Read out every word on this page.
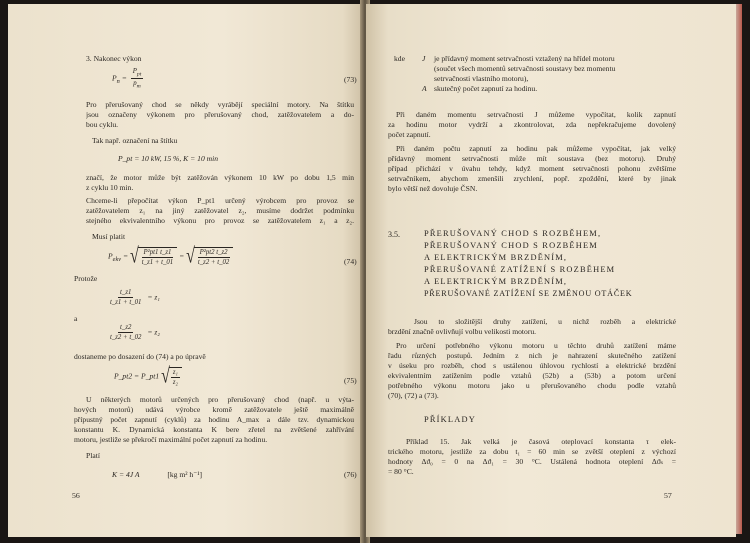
3. Nakonec výkon
$P_n = \frac{P_{pt}}{p_m}$	(73)
Pro přerušovaný chod se někdy vyrábějí speciální motory. Na štítku
jsou označeny výkonem pro přerušovaný chod, zatěžovatelem a do-
bou cyklu.
Tak např. označení na štítku
P_pt = 10 kW, 15 %, K = 10 min
značí, že motor může být zatěžován výkonem 10 kW po dobu 1,5 min
z cyklu 10 min.
Chceme-li přepočítat výkon P_pt1 určený výrobcem pro provoz se
zatěžovatelem z₁ na jiný zatěžovatel z₂, musíme dodržet podmínku
stejného ekvivalentního výkonu pro provoz se zatěžovatelem z₁ a z₂.
Musí platit
$P_{ekv}$ = √ $\frac{\text{P²pt1 t\_z1}}{t\_z1 + t\_01}$ = √ $\frac{\text{P²pt2 t\_z2}}{t\_z2 + t\_02}$	(74)
Protože
$\frac{t\_z1}{t\_z1 + t\_01} = z_1$
a
$\frac{t\_z2}{t\_z2 + t\_02} = z_2$
dostaneme po dosazení do (74) a po úpravě
P_pt2 = P_pt1 √ $\frac{\text{z₁}}{\text{z₂}}$	(75)
U některých motorů určených pro přerušovaný chod (např. u výta-
hových motorů) udává výrobce kromě zatěžovatele ještě maximálně
přípustný počet zapnutí (cyklů) za hodinu A_max a dále tzv. dynamickou
konstantu K. Dynamická konstanta K bere zřetel na zvětšené zahřívání
motoru, jestliže se překročí maximální počet zapnutí za hodinu.
Platí
K = 4J A	[kg m² h⁻¹]	(76)
56
kde J je přídavný moment setrvačnosti vztažený na hřídel motoru
(součet všech momentů setrvačnosti soustavy bez momentu
setrvačnosti vlastního motoru),
A skutečný počet zapnutí za hodinu.
Při daném momentu setrvačnosti J můžeme vypočítat, kolik zapnutí
za hodinu motor vydrží a zkontrolovat, zda nepřekračujeme dovolený
počet zapnutí.
Při daném počtu zapnutí za hodinu pak můžeme vypočítat, jak velký
přídavný moment setrvačnosti může mít soustava (bez motoru). Druhý
případ přichází v úvahu tehdy, když moment setrvačnosti pohonu zvětšíme
setrvačníkem, abychom zmenšili zrychlení, popř. zpoždění, které by jinak
bylo větší než dovoluje ČSN.
3.5.	PŘERUŠOVANÝ CHOD S ROZBĚHEM,
PŘERUŠOVANÝ CHOD S ROZBĚHEM
A ELEKTRICKÝM BRZDĚNÍM,
PŘERUŠOVANÉ ZATÍŽENÍ S ROZBĚHEM
A ELEKTRICKÝM BRZDĚNÍM,
PŘERUŠOVANÉ ZATÍŽENÍ SE ZMĚNOU OTÁČEK
Jsou to složitější druhy zatížení, u nichž rozběh a elektrické
brzdění značně ovlivňují volbu velikosti motoru.
Pro určení potřebného výkonu motoru u těchto druhů zatížení máme
řadu různých postupů. Jedním z nich je nahrazení skutečného zatížení
v úseku pro rozběh, chod s ustálenou úhlovou rychlostí a elektrické brzdění
ekvivalentním zatížením podle vztahů (52b) a (53b) a potom určení
potřebného výkonu motoru jako u přerušovaného chodu podle vztahů
(70), (72) a (73).
PŘÍKLADY
Příklad 15. Jak velká je časová oteplovací konstanta τ elek-
trického motoru, jestliže za dobu t₁ = 60 min se zvětší oteplení z výchozí
hodnoty Δϑ₀ = 0 na Δϑ₁ = 30 °C. Ustálená hodnota oteplení Δϑₛ =
= 80 °C.
57
